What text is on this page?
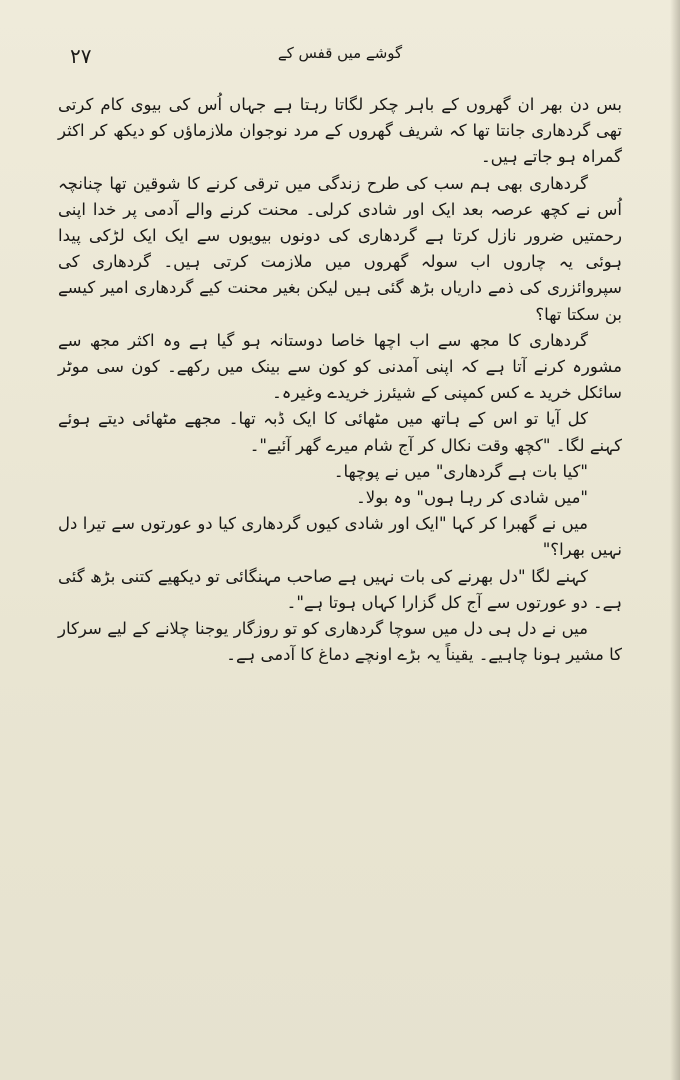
۲۷	گوشے میں قفس کے

بس دن بھر ان گھروں کے باہر چکر لگاتا رہتا ہے جہاں اُس کی بیوی کام کرتی تھی گردھاری جانتا تھا کہ شریف گھروں کے مرد نوجوان ملازماؤں کو دیکھ کر اکثر گمراہ ہو جاتے ہیں۔

گردھاری بھی ہم سب کی طرح زندگی میں ترقی کرنے کا شوقین تھا چنانچہ اُس نے کچھ عرصہ بعد ایک اور شادی کرلی۔ محنت کرنے والے آدمی پر خدا اپنی رحمتیں ضرور نازل کرتا ہے گردھاری کی دونوں بیویوں سے ایک ایک لڑکی پیدا ہوئی یہ چاروں اب سولہ گھروں میں ملازمت کرتی ہیں۔ گردھاری کی سپروائزری کی ذمے داریاں بڑھ گئی ہیں لیکن بغیر محنت کیے گردھاری امیر کیسے بن سکتا تھا؟

گردھاری کا مجھ سے اب اچھا خاصا دوستانہ ہو گیا ہے وہ اکثر مجھ سے مشورہ کرنے آتا ہے کہ اپنی آمدنی کو کون سے بینک میں رکھے۔ کون سی موٹر سائکل خرید ے کس کمپنی کے شیئرز خریدے وغیرہ۔

کل آیا تو اس کے ہاتھ میں مٹھائی کا ایک ڈبہ تھا۔ مجھے مٹھائی دیتے ہوئے کہنے لگا۔ "کچھ وقت نکال کر آج شام میرے گھر آئیے"۔

"کیا بات ہے گردھاری" میں نے پوچھا۔

"میں شادی کر رہا ہوں" وہ بولا۔

میں نے گھبرا کر کہا "ایک اور شادی کیوں گردھاری کیا دو عورتوں سے تیرا دل نہیں بھرا؟"

کہنے لگا "دل بھرنے کی بات نہیں ہے صاحب مہنگائی تو دیکھیے کتنی بڑھ گئی ہے۔ دو عورتوں سے آج کل گزارا کہاں ہوتا ہے"۔

میں نے دل ہی دل میں سوچا گردھاری کو تو روزگار یوجنا چلانے کے لیے سرکار کا مشیر ہونا چاہیے۔ یقیناً یہ بڑے اونچے دماغ کا آدمی ہے۔
